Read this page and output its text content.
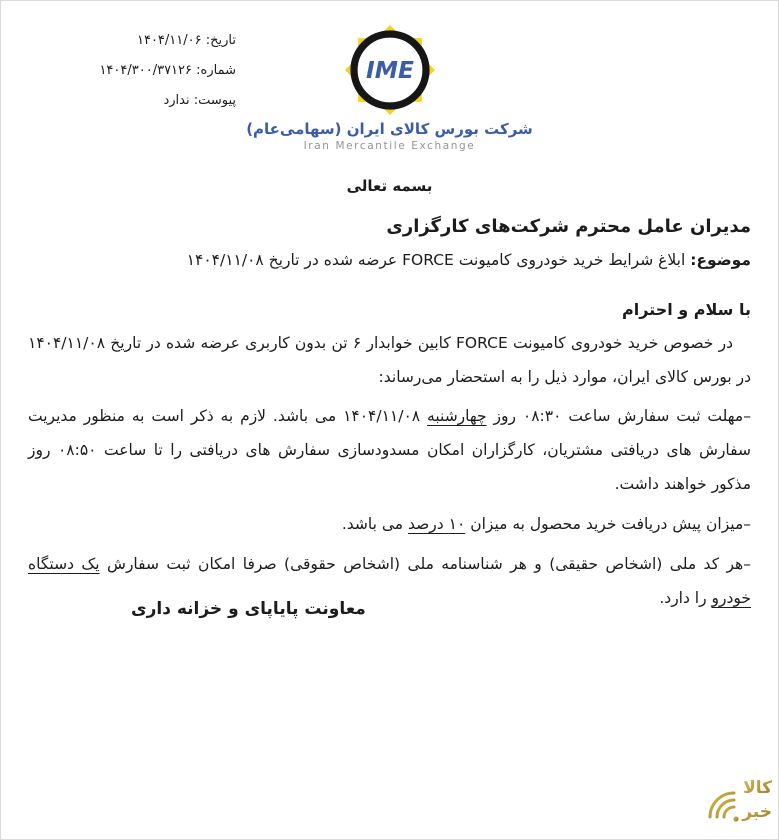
تاریخ: ۱۴۰۴/۱۱/۰۶
شماره: ۱۴۰۴/۳۰۰/۳۷۱۲۶
پیوست: ندارد
IME
شرکت بورس کالای ایران (سهامی‌عام)
Iran Mercantile Exchange
بسمه تعالی
مدیران عامل محترم شرکت‌های کارگزاری
موضوع: ابلاغ شرایط خرید خودروی کامیونت FORCE عرضه شده در تاریخ ۱۴۰۴/۱۱/۰۸
با سلام و احترام

در خصوص خرید خودروی کامیونت FORCE کابین خوابدار ۶ تن بدون کاربری عرضه شده در تاریخ ۱۴۰۴/۱۱/۰۸ در بورس کالای ایران، موارد ذیل را به استحضار می‌رساند:

–مهلت ثبت سفارش ساعت ۰۸:۳۰ روز چهارشنبه ۱۴۰۴/۱۱/۰۸ می باشد. لازم به ذکر است به منظور مدیریت سفارش های دریافتی مشتریان، کارگزاران امکان مسدودسازی سفارش های دریافتی را تا ساعت ۰۸:۵۰ روز مذکور خواهند داشت.

–میزان پیش دریافت خرید محصول به میزان ۱۰ درصد می باشد.

–هر کد ملی (اشخاص حقیقی) و هر شناسنامه ملی (اشخاص حقوقی) صرفا امکان ثبت سفارش یک دستگاه خودرو را دارد.

معاونت پایاپای و خزانه داری
کالا
خبر
